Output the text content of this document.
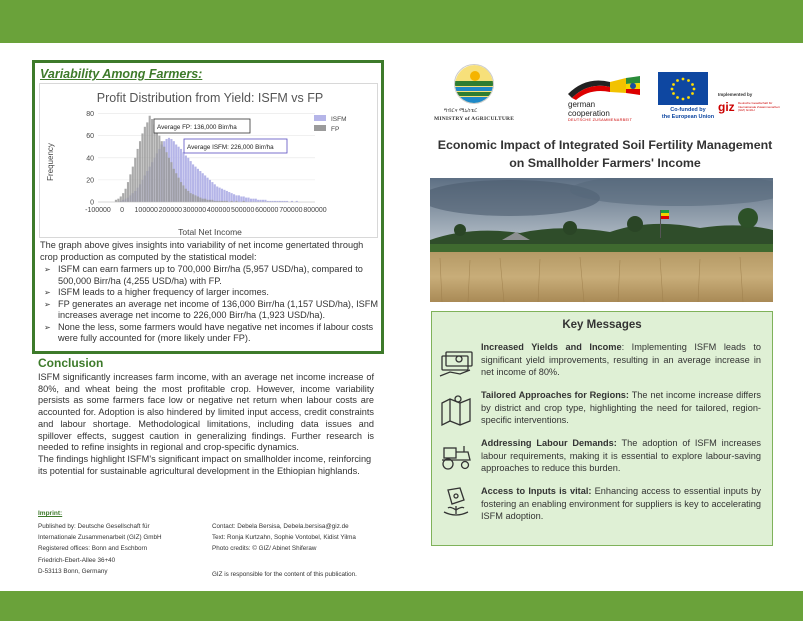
Variability Among Farmers:
Profit Distribution from Yield: ISFM vs FP
0
20
40
60
80
-100000 0 100000 200000 300000 400000 500000 600000 700000 800000
Frequency
Total Net Income
ISFM
FP
Average FP: 136,000 Birr/ha
Average ISFM: 226,000 Birr/ha
The graph above gives insights into variability of net income genertated through crop production as computed by the statistical model:
➢ ISFM can earn farmers up to 700,000 Birr/ha (5,957 USD/ha), compared to 500,000 Birr/ha (4,255 USD/ha) with FP.
➢ ISFM leads to a higher frequency of larger incomes.
➢ FP generates an average net income of 136,000 Birr/ha (1,157 USD/ha), ISFM increases average net income to 226,000 Birr/ha (1,923 USD/ha).
➢ None the less, some farmers would have negative net incomes if labour costs were fully accounted for (more likely under FP).
Conclusion

ISFM significantly increases farm income, with an average net income increase of 80%, and wheat being the most profitable crop. However, income variability persists as some farmers face low or negative net return when labour costs are accounted for. Adoption is also hindered by limited input access, credit constraints and labour shortage. Methodological limitations, including data issues and spillover effects, suggest caution in generalizing findings. Further research is needed to refine insights in regional and crop-specific dynamics.

The findings highlight ISFM's significant impact on smallholder income, reinforcing its potential for sustainable agricultural development in the Ethiopian highlands.

Imprint:
Published by: Deutsche Gesellschaft für
Internationale Zusammenarbeit (GIZ) GmbH
Registered offices: Bonn and Eschborn
Friedrich-Ebert-Allee 36+40
D-53113 Bonn, Germany
Contact: Debela Bersisa, Debela.bersisa@giz.de
Text: Ronja Kurtzahn, Sophie Vontobel, Kidist Yilma
Photo credits: © GIZ/ Abinet Shiferaw
GIZ is responsible for the content of this publication.
ግብርና ሚኒስቴር
MINISTRY of AGRICULTURE
german
cooperation
DEUTSCHE ZUSAMMENARBEIT
Co-funded by
the European Union
Implemented by
giz Deutsche Gesellschaft für Internationale Zusammenarbeit (GIZ) GmbH
Economic Impact of Integrated Soil Fertility Management on Smallholder Farmers' Income
Key Messages
Increased Yields and Income: Implementing ISFM leads to significant yield improvements, resulting in an average increase in net income of 80%.
Tailored Approaches for Regions: The net income increase differs by district and crop type, highlighting the need for tailored, region-specific interventions.
Addressing Labour Demands: The adoption of ISFM increases labour requirements, making it is essential to explore labour-saving approaches to reduce this burden.
Access to Inputs is vital: Enhancing access to essential inputs by fostering an enabling environment for suppliers is key to accelerating ISFM adoption.
